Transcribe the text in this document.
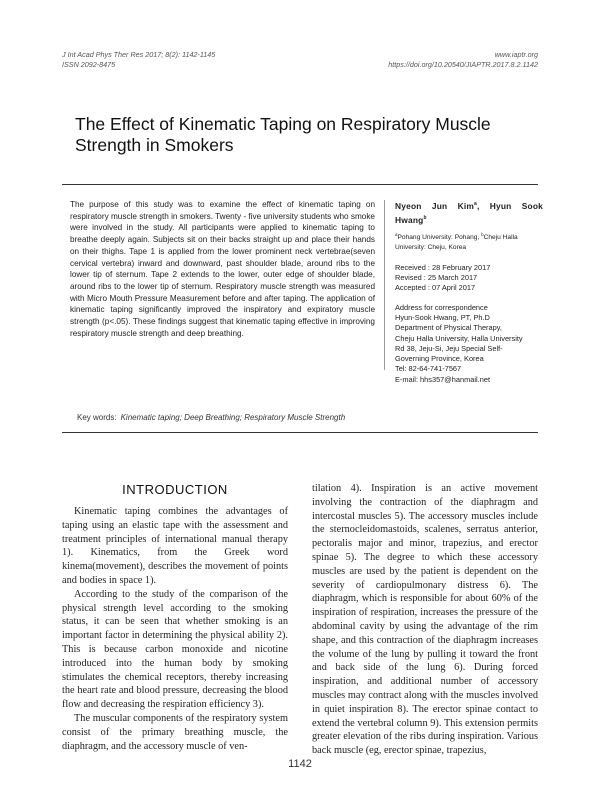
J Int Acad Phys Ther Res 2017; 8(2): 1142-1145
ISSN 2092-8475
www.iaptr.org
https://doi.org/10.20540/JIAPTR.2017.8.2.1142
The Effect of Kinematic Taping on Respiratory Muscle Strength in Smokers
The purpose of this study was to examine the effect of kinematic taping on respiratory muscle strength in smokers. Twenty - five university students who smoke were involved in the study. All participants were applied to kinematic taping to breathe deeply again. Subjects sit on their backs straight up and place their hands on their thighs. Tape 1 is applied from the lower prominent neck vertebrae(seven cervical vertebra) inward and downward, past shoulder blade, around ribs to the lower tip of sternum. Tape 2 extends to the lower, outer edge of shoulder blade, around ribs to the lower tip of sternum. Respiratory muscle strength was measured with Micro Mouth Pressure Measurement before and after taping. The application of kinematic taping significantly improved the inspiratory and expiratory muscle strength (p<.05). These findings suggest that kinematic taping effective in improving respiratory muscle strength and deep breathing.
Nyeon Jun Kim$^a$, Hyun Sook Hwang$^b$
$^a$Pohang University: Pohang, $^b$Cheju Halla University: Cheju, Korea
Received : 28 February 2017
Revised : 25 March 2017
Accepted : 07 April 2017
Address for correspondence
Hyun-Sook Hwang, PT, Ph.D
Department of Physical Therapy,
Cheju Halla University, Halla University
Rd 38, Jeju-Si, Jeju Special Self-
Governing Province, Korea
Tel: 82-64-741-7567
E-mail: hhs357@hanmail.net
Key words: Kinematic taping; Deep Breathing; Respiratory Muscle Strength
INTRODUCTION

Kinematic taping combines the advantages of taping using an elastic tape with the assessment and treatment principles of international manual therapy 1). Kinematics, from the Greek word kinema(movement), describes the movement of points and bodies in space 1).

According to the study of the comparison of the physical strength level according to the smoking status, it can be seen that whether smoking is an important factor in determining the physical ability 2). This is because carbon monoxide and nicotine introduced into the human body by smoking stimulates the chemical receptors, thereby increasing the heart rate and blood pressure, decreasing the blood flow and decreasing the respiration efficiency 3).

The muscular components of the respiratory system consist of the primary breathing muscle, the diaphragm, and the accessory muscle of ven-

tilation 4). Inspiration is an active movement involving the contraction of the diaphragm and intercostal muscles 5). The accessory muscles include the sternocleidomastoids, scalenes, serratus anterior, pectoralis major and minor, trapezius, and erector spinae 5). The degree to which these accessory muscles are used by the patient is dependent on the severity of cardiopulmonary distress 6). The diaphragm, which is responsible for about 60% of the inspiration of respiration, increases the pressure of the abdominal cavity by using the advantage of the rim shape, and this contraction of the diaphragm increases the volume of the lung by pulling it toward the front and back side of the lung 6). During forced inspiration, and additional number of accessory muscles may contract along with the muscles involved in quiet inspiration 8). The erector spinae contact to extend the vertebral column 9). This extension permits greater elevation of the ribs during inspiration. Various back muscle (eg, erector spinae, trapezius,

1142
